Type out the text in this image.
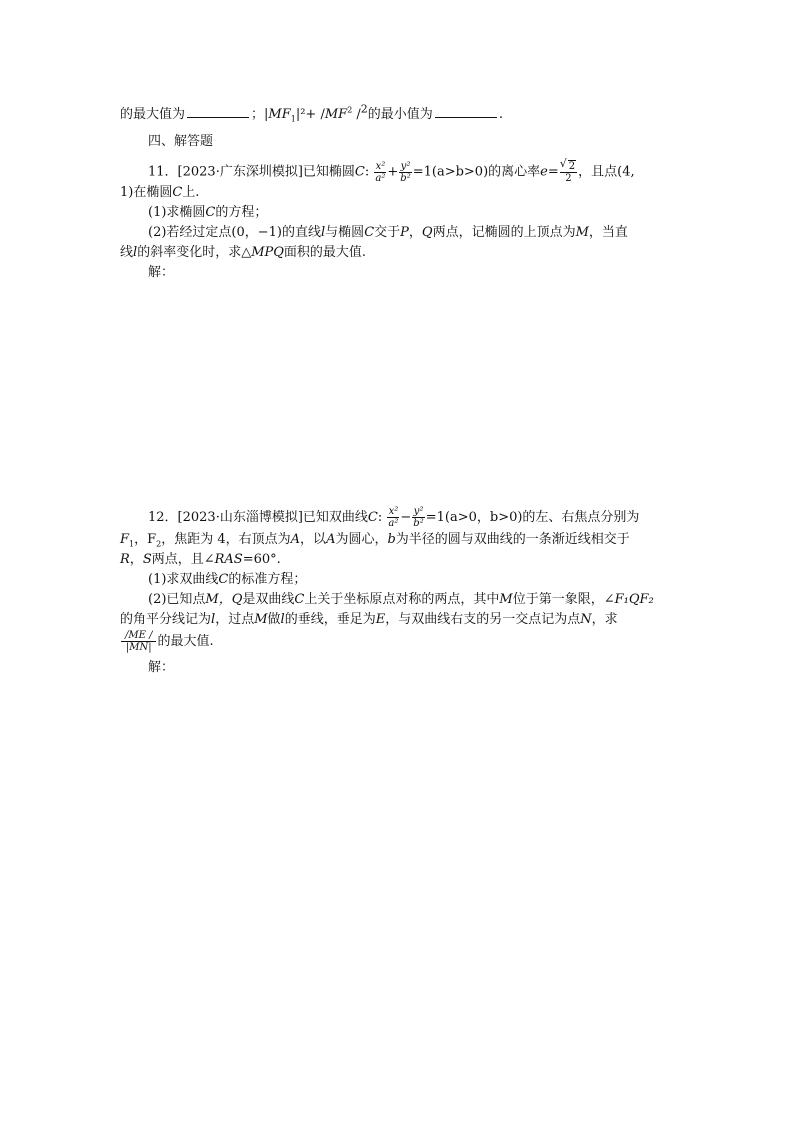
的最大值为	；$|MF_1|^2+ /MF^2$ /$^2$的最小值为	.
四、解答题
11．[2023·广东深圳模拟]已知椭圆C: $\frac{\text{x²}}{\text{a²}} + \frac{\text{y²}}{\text{b²}} =1(a>b>0)$的离心率e=
√ $\frac{2}{2}$ ，且点(4,
1)在椭圆C上.
(1)求椭圆C的方程；
(2)若经过定点(0，−1)的直线l与椭圆C交于P，Q两点，记椭圆的上顶点为M，当直
线l的斜率变化时，求△MPQ面积的最大值.
解：
12．[2023·山东淄博模拟]已知双曲线C: $\frac{\text{x²}}{\text{a²}} - \frac{\text{y²}}{\text{b²}} =1(a>0$，b>0)的左、右焦点分别为
$F_1$，$F_2$，焦距为 4，右顶点为A，以A为圆心，b为半径的圆与双曲线的一条渐近线相交于
R，S两点，且∠RAS=60°.
(1)求双曲线C的标准方程；
(2)已知点M，Q是双曲线C上关于坐标原点对称的两点，其中M位于第一象限，∠F₁QF₂
的角平分线记为l，过点M做l的垂线，垂足为E，与双曲线右支的另一交点记为点N，求
$\frac{/ME /}{|MN|}$ 的最大值.
解：
